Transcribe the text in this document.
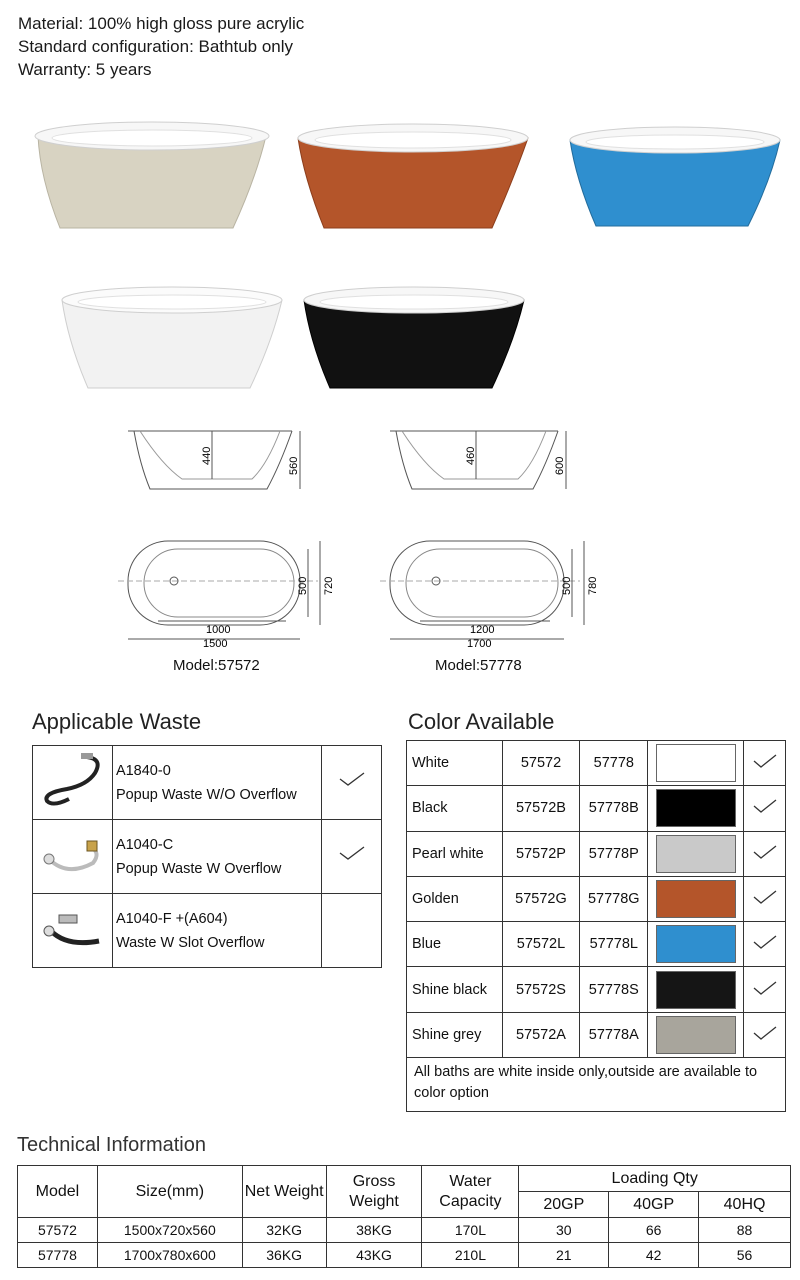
Material: 100% high gloss pure acrylic
Standard configuration: Bathtub only
Warranty: 5 years
440
560
460
600
1000
1500
500 720
1200
1700
500 780
Model:57572	Model:57778
Applicable Waste

A1840-0
Popup Waste W/O Overflow

A1040-C
Popup Waste W Overflow

A1040-F +(A604)
Waste W Slot Overflow	

Color Available
White	57572	57778	

Black	57572B	57778B	

Pearl white	57572P	57778P	

Golden	57572G	57778G	

Blue	57572L	57778L	

Shine black	57572S	57778S	

Shine grey	57572A	57778A	

All baths are white inside only,outside are available to color option				
Technical Information
Model	Size(mm)	Net Weight	Gross Weight	Water Capacity	Loading Qty		
					20GP	40GP	40HQ
57572	1500x720x560	32KG	38KG	170L	30	66	88
57778	1700x780x600	36KG	43KG	210L	21	42	56
